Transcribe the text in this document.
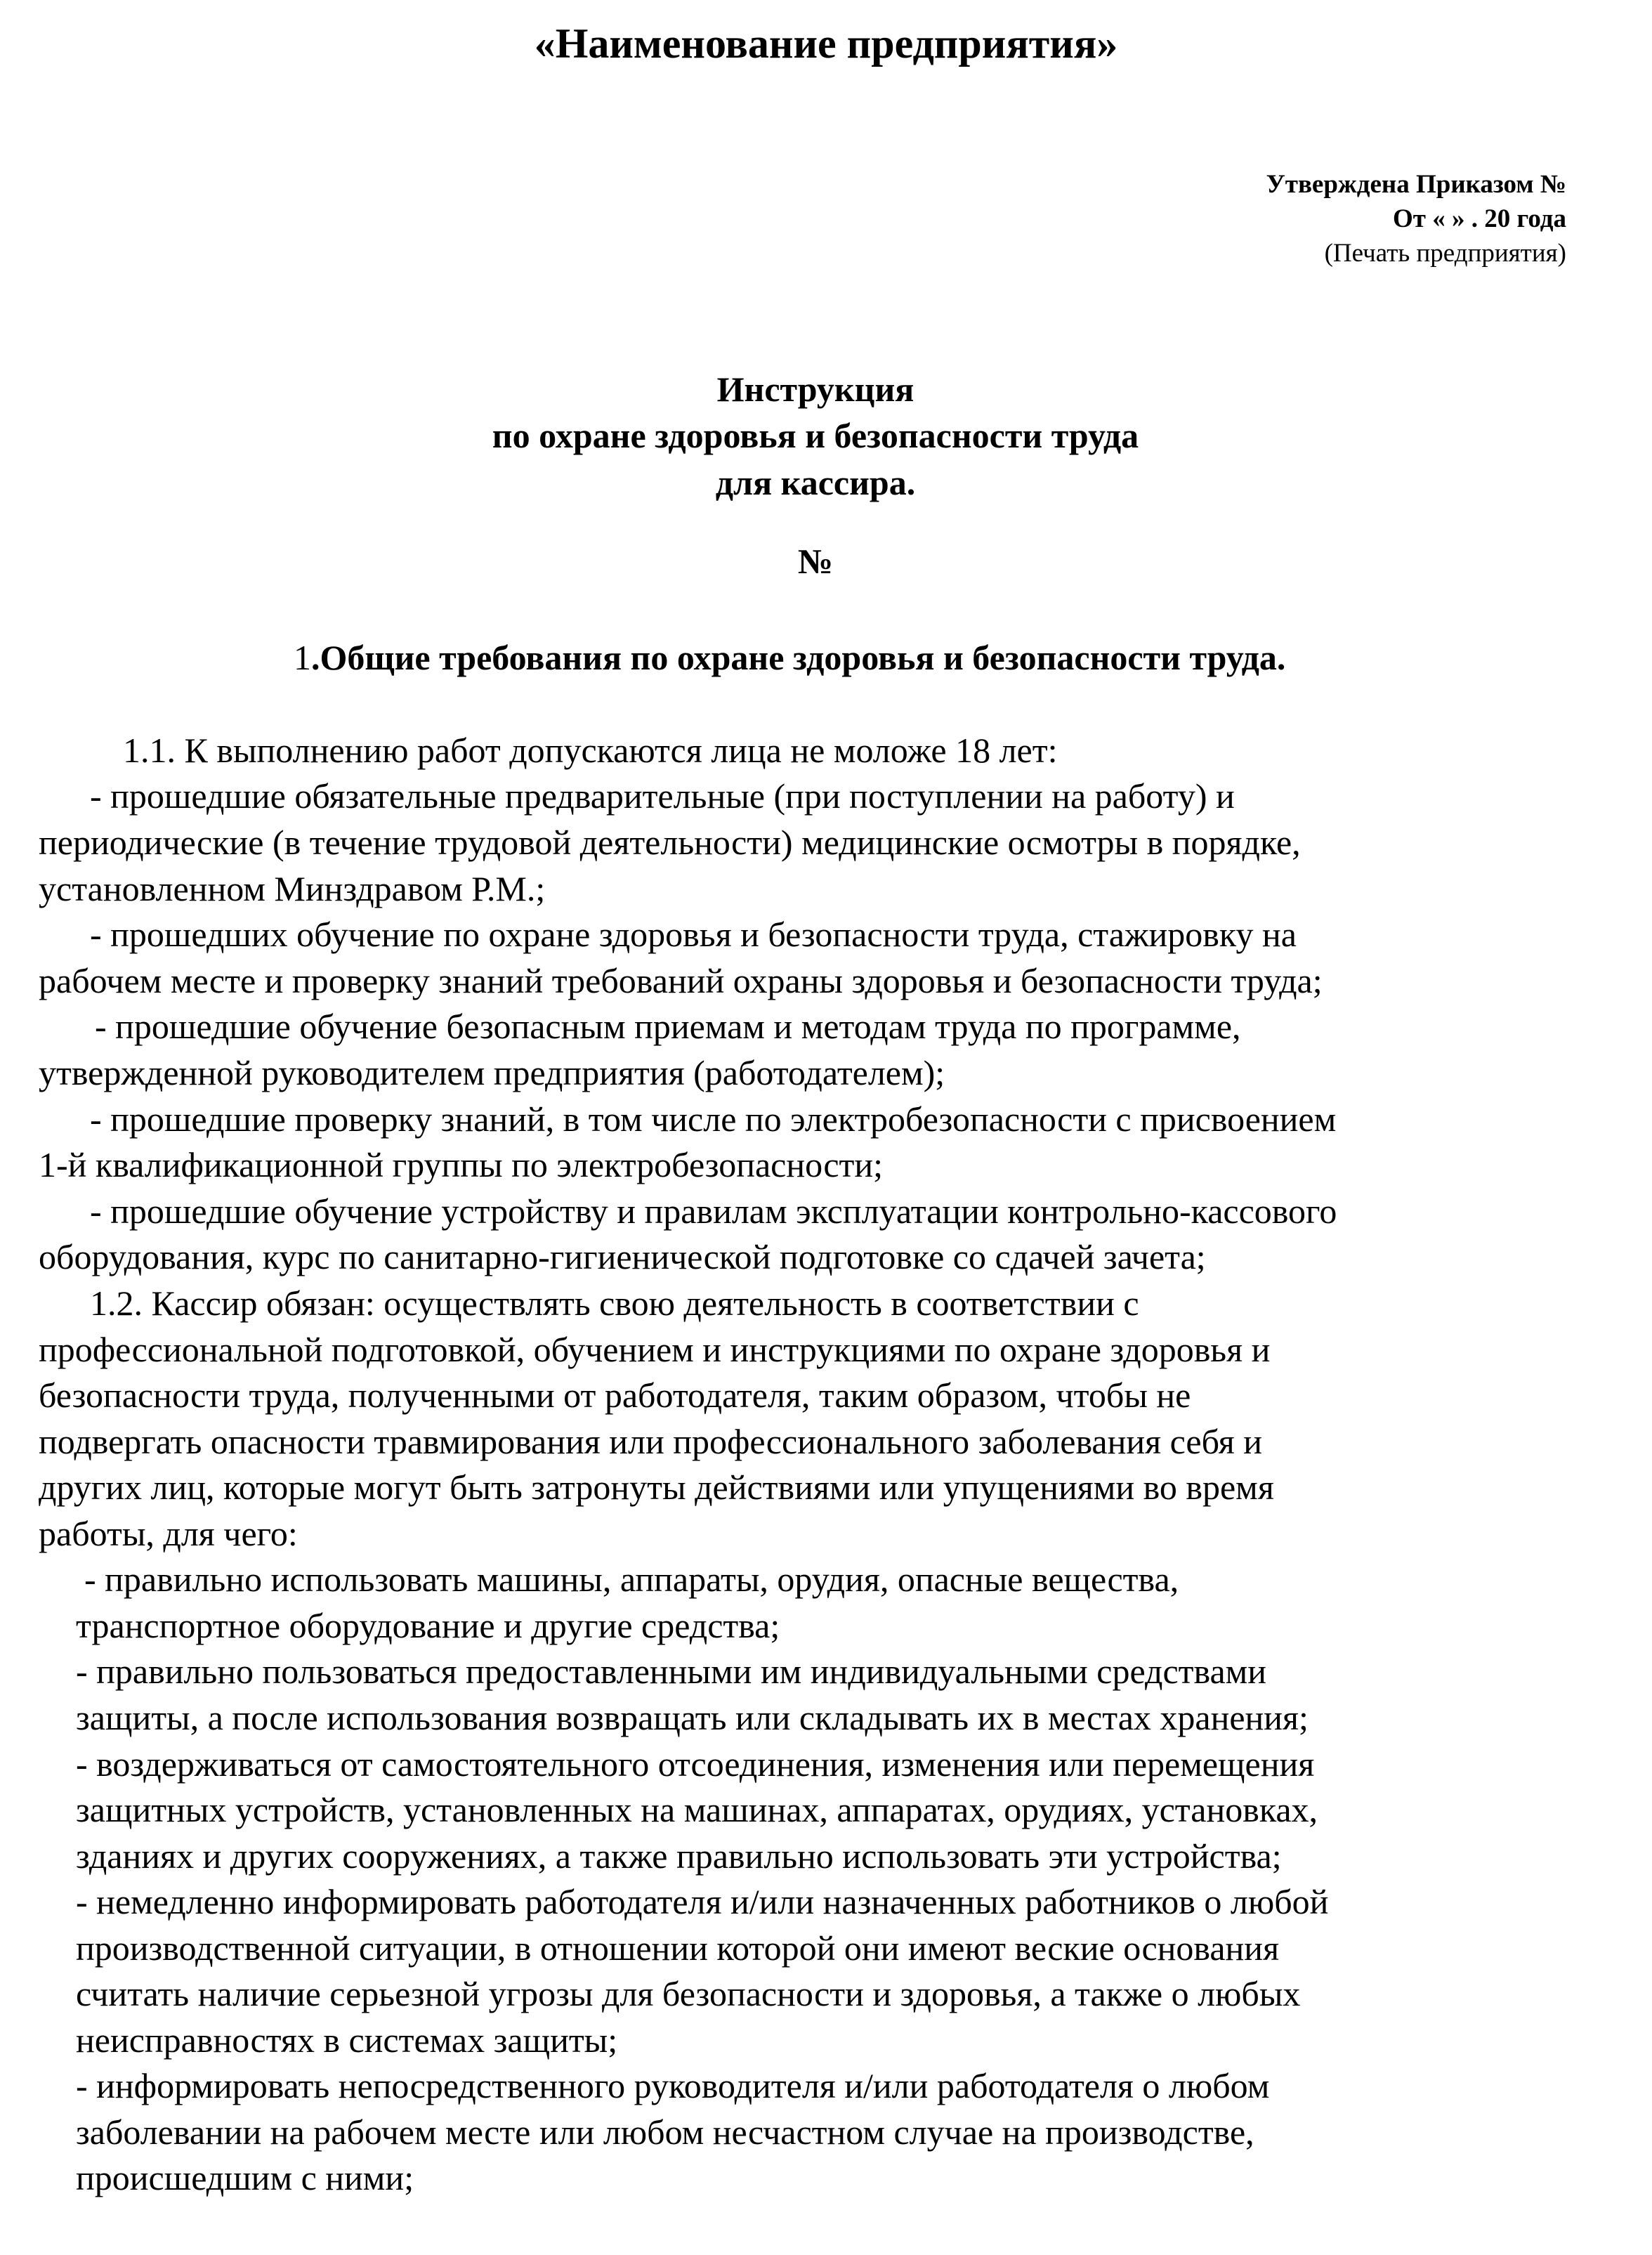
«Наименование предприятия»
Утверждена Приказом №
От « » . 20 года
(Печать предприятия)
Инструкция
по охране здоровья и безопасности труда
для кассира.
№
1.Общие требования по охране здоровья и безопасности труда.
1.1. К выполнению работ допускаются лица не моложе 18 лет:
- прошедшие обязательные предварительные (при поступлении на работу) и
периодические (в течение трудовой деятельности) медицинские осмотры в порядке,
установленном Минздравом Р.М.;
- прошедших обучение по охране здоровья и безопасности труда, стажировку на
рабочем месте и проверку знаний требований охраны здоровья и безопасности труда;
- прошедшие обучение безопасным приемам и методам труда по программе,
утвержденной руководителем предприятия (работодателем);
- прошедшие проверку знаний, в том числе по электробезопасности с присвоением
1-й квалификационной группы по электробезопасности;
- прошедшие обучение устройству и правилам эксплуатации контрольно-кассового
оборудования, курс по санитарно-гигиенической подготовке со сдачей зачета;
1.2. Кассир обязан: осуществлять свою деятельность в соответствии с
профессиональной подготовкой, обучением и инструкциями по охране здоровья и
безопасности труда, полученными от работодателя, таким образом, чтобы не
подвергать опасности травмирования или профессионального заболевания себя и
других лиц, которые могут быть затронуты действиями или упущениями во время
работы, для чего:
- правильно использовать машины, аппараты, орудия, опасные вещества,
транспортное оборудование и другие средства;
- правильно пользоваться предоставленными им индивидуальными средствами
защиты, а после использования возвращать или складывать их в местах хранения;
- воздерживаться от самостоятельного отсоединения, изменения или перемещения
защитных устройств, установленных на машинах, аппаратах, орудиях, установках,
зданиях и других сооружениях, а также правильно использовать эти устройства;
- немедленно информировать работодателя и/или назначенных работников о любой
производственной ситуации, в отношении которой они имеют веские основания
считать наличие серьезной угрозы для безопасности и здоровья, а также о любых
неисправностях в системах защиты;
- информировать непосредственного руководителя и/или работодателя о любом
заболевании на рабочем месте или любом несчастном случае на производстве,
происшедшим с ними;
